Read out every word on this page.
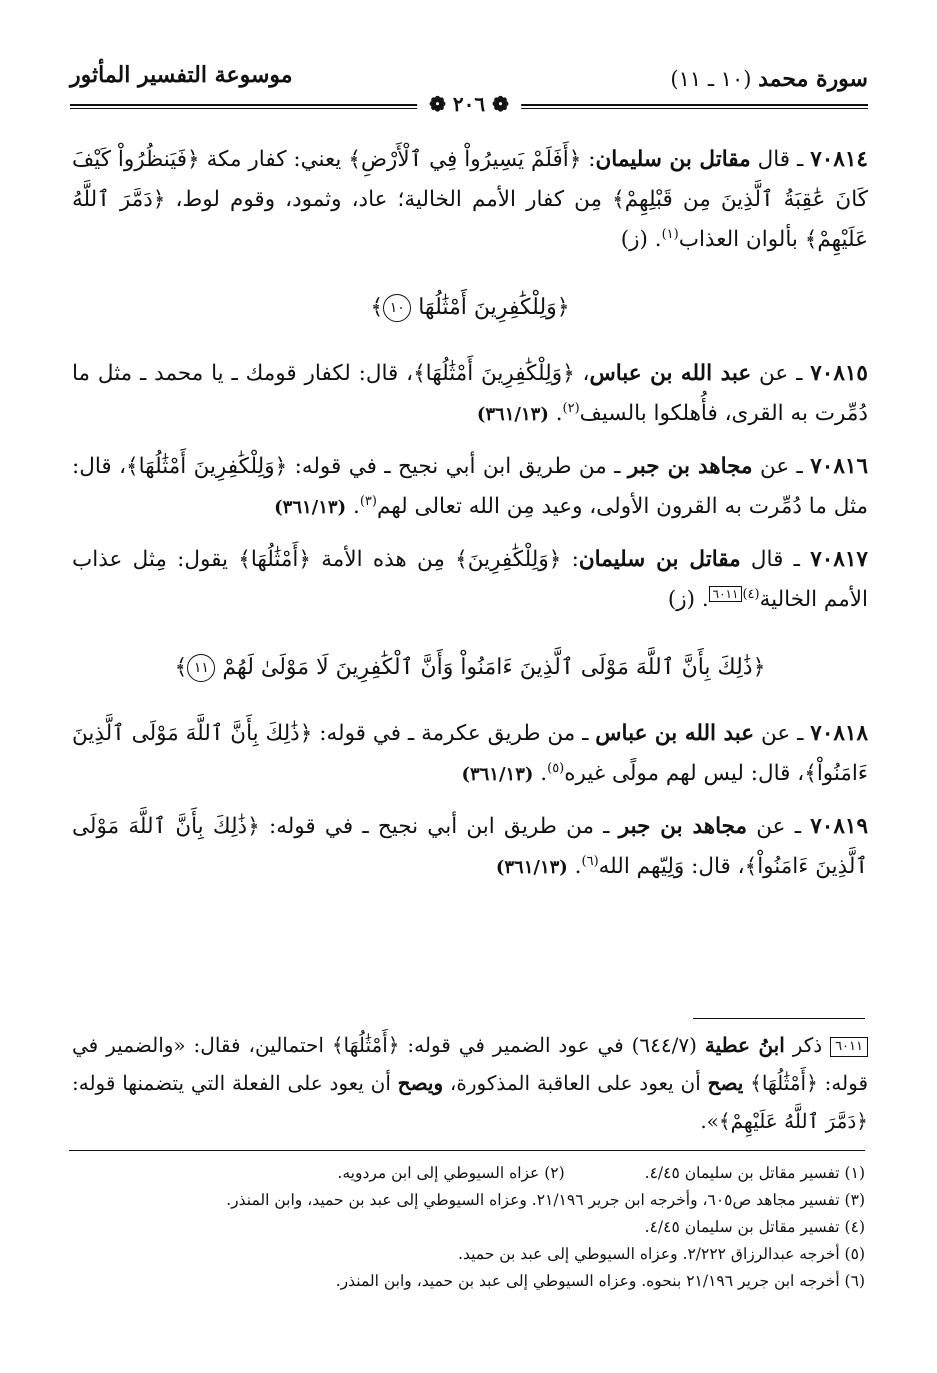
سورة محمد (١٠ ـ ١١)
موسوعة التفسير المأثور
❁ ٢٠٦ ❁

٧٠٨١٤ ـ قال مقاتل بن سليمان: ﴿أَفَلَمْ يَسِيرُواْ فِي ٱلْأَرْضِ﴾ يعني: كفار مكة ﴿فَيَنظُرُواْ كَيْفَ كَانَ عَٰقِبَةُ ٱلَّذِينَ مِن قَبْلِهِمْ﴾ مِن كفار الأمم الخالية؛ عاد، وثمود، وقوم لوط، ﴿دَمَّرَ ٱللَّهُ عَلَيْهِمْ﴾ بألوان العذاب$^{(١)}$. (ز)

﴿وَلِلْكَٰفِرِينَ أَمْثَٰلُهَا ١٠﴾

٧٠٨١٥ ـ عن عبد الله بن عباس، ﴿وَلِلْكَٰفِرِينَ أَمْثَٰلُهَا﴾، قال: لكفار قومك ـ يا محمد ـ مثل ما دُمِّرت به القرى، فأُهلكوا بالسيف$^{(٢)}$. (٣٦١/١٣)

٧٠٨١٦ ـ عن مجاهد بن جبر ـ من طريق ابن أبي نجيح ـ في قوله: ﴿وَلِلْكَٰفِرِينَ أَمْثَٰلُهَا﴾، قال: مثل ما دُمِّرت به القرون الأولى، وعيد مِن الله تعالى لهم$^{(٣)}$. (٣٦١/١٣)

٧٠٨١٧ ـ قال مقاتل بن سليمان: ﴿وَلِلْكَٰفِرِينَ﴾ مِن هذه الأمة ﴿أَمْثَٰلُهَا﴾ يقول: مِثل عذاب الأمم الخالية$^{(٤)}$٦٠١١. (ز)

﴿ذَٰلِكَ بِأَنَّ ٱللَّهَ مَوْلَى ٱلَّذِينَ ءَامَنُواْ وَأَنَّ ٱلْكَٰفِرِينَ لَا مَوْلَىٰ لَهُمْ ١١﴾

٧٠٨١٨ ـ عن عبد الله بن عباس ـ من طريق عكرمة ـ في قوله: ﴿ذَٰلِكَ بِأَنَّ ٱللَّهَ مَوْلَى ٱلَّذِينَ ءَامَنُواْ﴾، قال: ليس لهم مولًى غيره$^{(٥)}$. (٣٦١/١٣)

٧٠٨١٩ ـ عن مجاهد بن جبر ـ من طريق ابن أبي نجيح ـ في قوله: ﴿ذَٰلِكَ بِأَنَّ ٱللَّهَ مَوْلَى ٱلَّذِينَ ءَامَنُواْ﴾، قال: وَلِيّهم الله$^{(٦)}$. (٣٦١/١٣)

٦٠١١ ذكر ابنُ عطية (٦٤٤/٧) في عود الضمير في قوله: ﴿أَمْثَٰلُهَا﴾ احتمالين، فقال: «والضمير في قوله: ﴿أَمْثَٰلُهَا﴾ يصح أن يعود على العاقبة المذكورة، ويصح أن يعود على الفعلة التي يتضمنها قوله: ﴿دَمَّرَ ٱللَّهُ عَلَيْهِمْ﴾».
(١) تفسير مقاتل بن سليمان ٤/٤٥.
(٢) عزاه السيوطي إلى ابن مردويه.
(٣) تفسير مجاهد ص٦٠٥، وأخرجه ابن جرير ٢١/١٩٦. وعزاه السيوطي إلى عبد بن حميد، وابن المنذر.
(٤) تفسير مقاتل بن سليمان ٤/٤٥.
(٥) أخرجه عبدالرزاق ٢/٢٢٢. وعزاه السيوطي إلى عبد بن حميد.
(٦) أخرجه ابن جرير ٢١/١٩٦ بنحوه. وعزاه السيوطي إلى عبد بن حميد، وابن المنذر.
